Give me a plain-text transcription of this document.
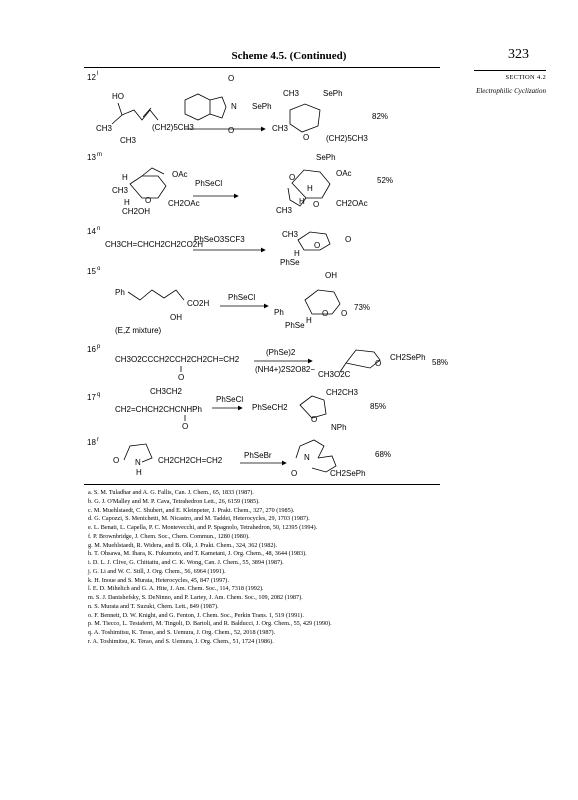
Scheme 4.5. (Continued)	323
SECTION 4.2
Electrophilic Cyclization
12 l
HO
CH3	(CH2)5CH3
CH3
O
N SePh
O
CH3	SePh
CH3
O (CH2)5CH3
82%
13 m
OAc
H
CH3
O CH2OAc
H
CH2OH
PhSeCl
SePh
O	OAc
H
O CH2OAc
CH3
H
52%
14 n
CH3CH=CHCH2CH2CO2H
PhSeO3SCF3
CH3
O
O
H
PhSe
15 o
Ph
CO2H
OH
(E,Z mixture)
PhSeCl
OH
Ph
PhSe
H
O O
73%
16 p
CH3O2CCCH2CCH2CH2CH=CH2
O
(PhSe)2
(NH4+)2S2O82−
O
CH2SePh
CH3O2C
58%
17 q	CH3CH2
CH2=CHCH2CHCNHPh
O
PhSeCl
CH2CH3
PhSeCH2
O
NPh
85%
18 r
O N
H
CH2CH2CH=CH2
PhSeBr	N
O	CH2SePh
68%
a. S. M. Tuladhar and A. G. Fallis, Can. J. Chem., 65, 1833 (1987).
b. G. J. O'Malley and M. P. Cava, Tetrahedron Lett., 26, 6159 (1985).
c. M. Muehlstaedt, C. Shubert, and E. Kleinpeter, J. Prakt. Chem., 327, 270 (1985).
d. G. Capozzi, S. Menichetti, M. Nicastro, and M. Taddei, Heterocycles, 29, 1703 (1987).
e. L. Benati, L. Capella, P. C. Montevecchi, and P. Spagnolo, Tetrahedron, 50, 12395 (1994).
f. P. Brownbridge, J. Chem. Soc., Chem. Commun., 1280 (1980).
g. M. Muehlstaedt, R. Widera, and B. Olk, J. Prakt. Chem., 324, 362 (1982).
h. T. Ohsawa, M. Ihara, K. Fukumoto, and T. Kametani, J. Org. Chem., 48, 3644 (1983).
i. D. L. J. Clive, G. Chittattu, and C. K. Wong, Can. J. Chem., 55, 3894 (1987).
j. G. Li and W. C. Still, J. Org. Chem., 56, 6964 (1991).
k. H. Inoue and S. Murata, Heterocycles, 45, 847 (1997).
l. E. D. Mihelich and G. A. Hite, J. Am. Chem. Soc., 114, 7318 (1992).
m. S. J. Danishefsky, S. DeNinno, and P. Lartey, J. Am. Chem. Soc., 109, 2082 (1987).
n. S. Murata and T. Suzuki, Chem. Lett., 849 (1987).
o. F. Bennett, D. W. Knight, and G. Fenton, J. Chem. Soc., Perkin Trans. 1, 519 (1991).
p. M. Tiecco, L. Testaferri, M. Tingoli, D. Bartoli, and R. Balducci, J. Org. Chem., 55, 429 (1990).
q. A. Toshimitsu, K. Terao, and S. Uemura, J. Org. Chem., 52, 2018 (1987).
r. A. Toshimitsu, K. Terao, and S. Uemura, J. Org. Chem., 51, 1724 (1986).
